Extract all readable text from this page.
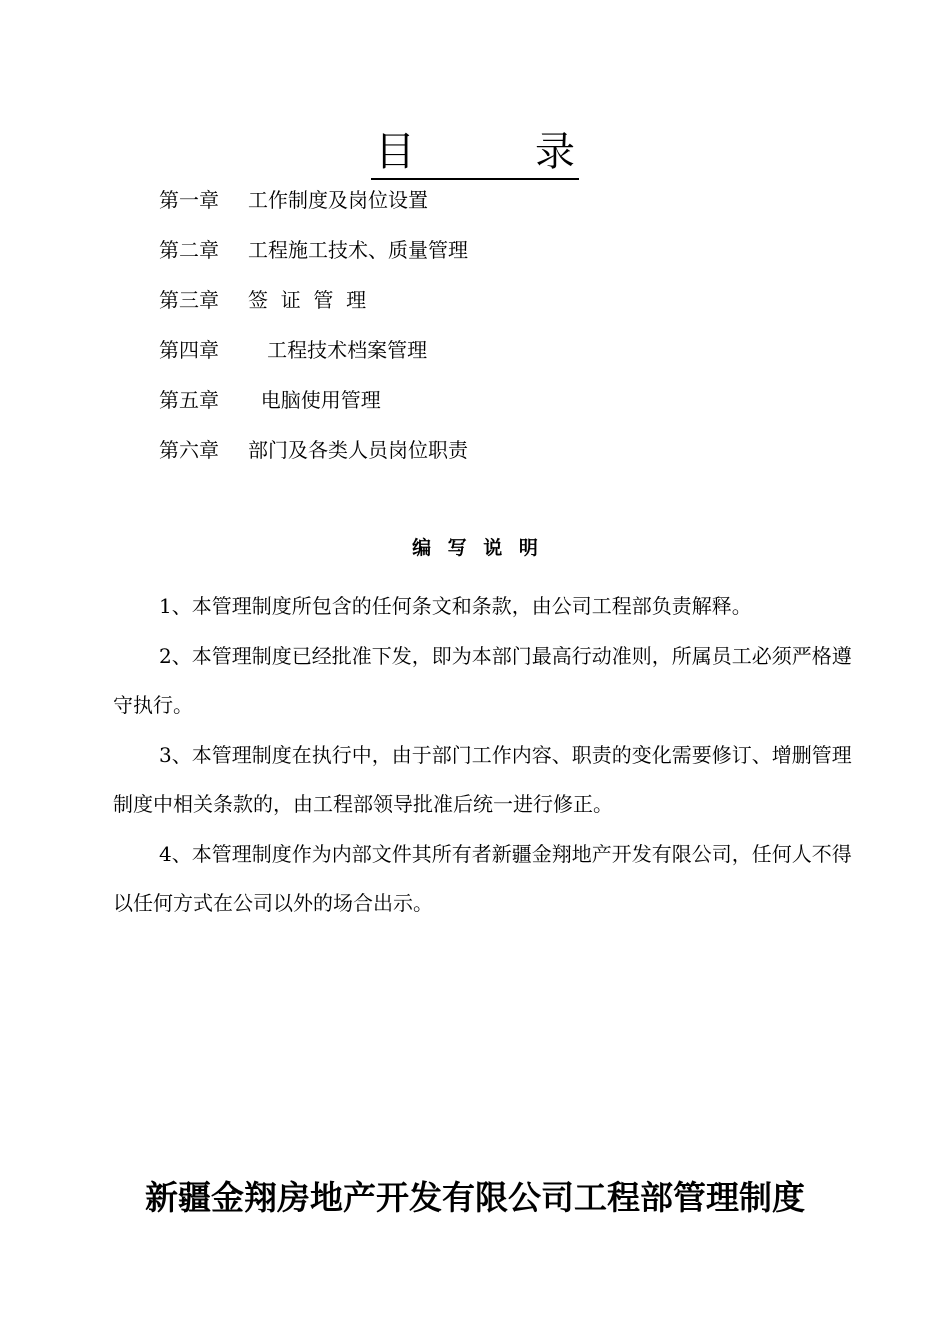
目　　　录
第一章 工作制度及岗位设置
第二章 工程施工技术、质量管理
第三章 签  证  管  理
第四章   工程技术档案管理
第五章  电脑使用管理
第六章 部门及各类人员岗位职责
编 写 说 明

1、本管理制度所包含的任何条文和条款，由公司工程部负责解释。

2、本管理制度已经批准下发，即为本部门最高行动准则，所属员工必须严格遵守执行。

3、本管理制度在执行中，由于部门工作内容、职责的变化需要修订、增删管理制度中相关条款的，由工程部领导批准后统一进行修正。

4、本管理制度作为内部文件其所有者新疆金翔地产开发有限公司，任何人不得以任何方式在公司以外的场合出示。

新疆金翔房地产开发有限公司工程部管理制度
